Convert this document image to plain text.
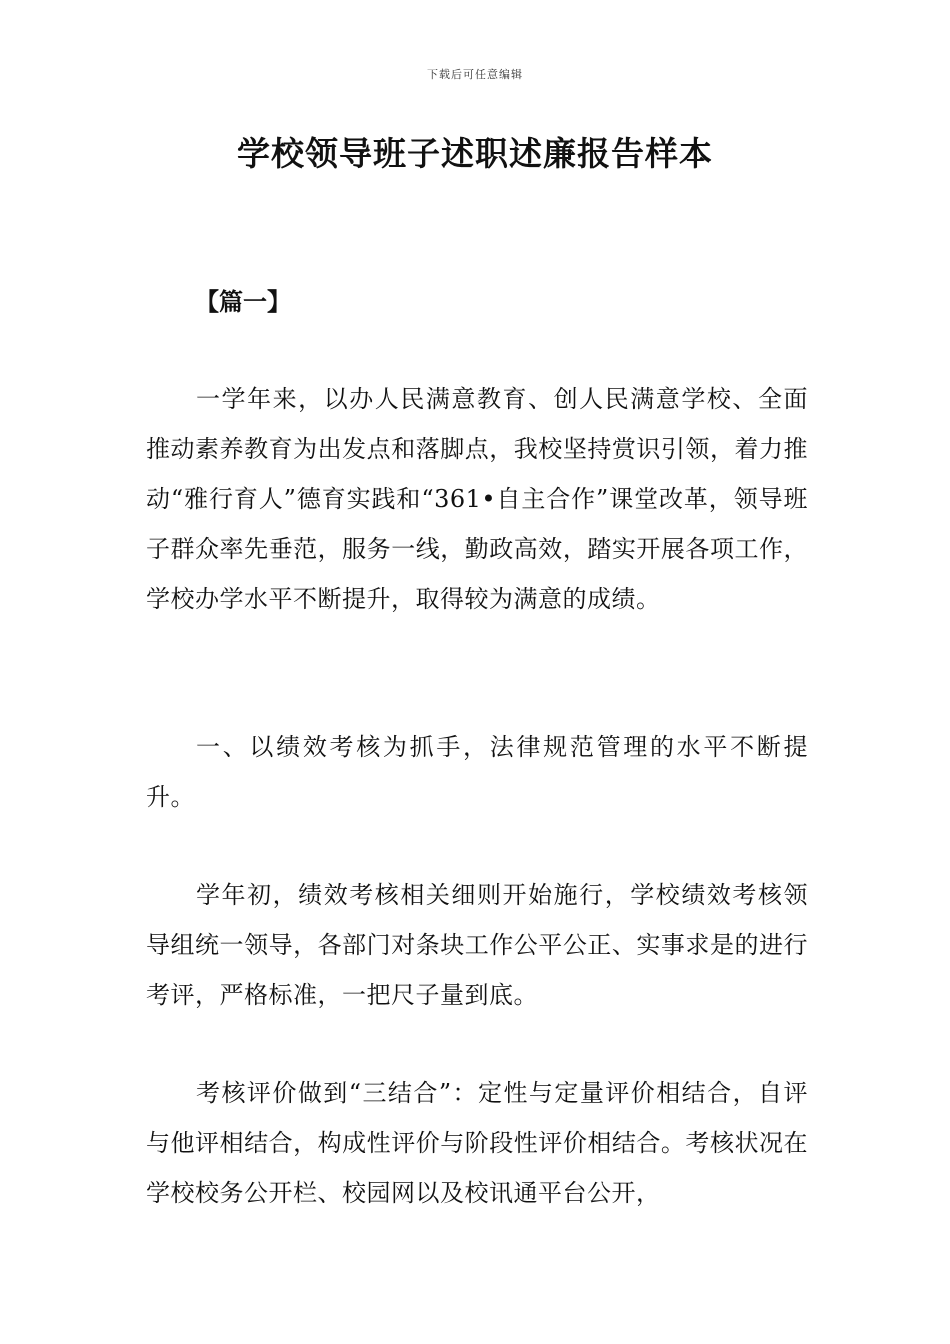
下载后可任意编辑
学校领导班子述职述廉报告样本

【篇一】

一学年来，以办人民满意教育、创人民满意学校、全面推动素养教育为出发点和落脚点，我校坚持赏识引领，着力推动“雅行育人”德育实践和“361•自主合作”课堂改革，领导班子群众率先垂范，服务一线，勤政高效，踏实开展各项工作，学校办学水平不断提升，取得较为满意的成绩。

一、以绩效考核为抓手，法律规范管理的水平不断提升。

学年初，绩效考核相关细则开始施行，学校绩效考核领导组统一领导，各部门对条块工作公平公正、实事求是的进行考评，严格标准，一把尺子量到底。

考核评价做到“三结合”：定性与定量评价相结合，自评与他评相结合，构成性评价与阶段性评价相结合。考核状况在学校校务公开栏、校园网以及校讯通平台公开，
